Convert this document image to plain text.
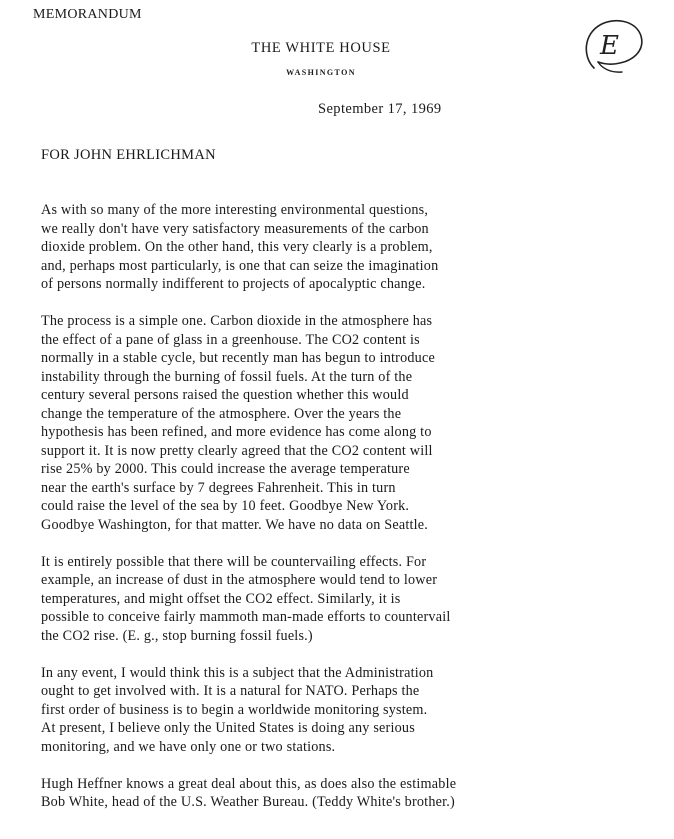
MEMORANDUM
THE WHITE HOUSE
WASHINGTON
E
September 17, 1969
FOR JOHN EHRLICHMAN
As with so many of the more interesting environmental questions,
we really don't have very satisfactory measurements of the carbon
dioxide problem. On the other hand, this very clearly is a problem,
and, perhaps most particularly, is one that can seize the imagination
of persons normally indifferent to projects of apocalyptic change.
The process is a simple one. Carbon dioxide in the atmosphere has
the effect of a pane of glass in a greenhouse. The CO2 content is
normally in a stable cycle, but recently man has begun to introduce
instability through the burning of fossil fuels. At the turn of the
century several persons raised the question whether this would
change the temperature of the atmosphere. Over the years the
hypothesis has been refined, and more evidence has come along to
support it. It is now pretty clearly agreed that the CO2 content will
rise 25% by 2000. This could increase the average temperature
near the earth's surface by 7 degrees Fahrenheit. This in turn
could raise the level of the sea by 10 feet. Goodbye New York.
Goodbye Washington, for that matter. We have no data on Seattle.
It is entirely possible that there will be countervailing effects. For
example, an increase of dust in the atmosphere would tend to lower
temperatures, and might offset the CO2 effect. Similarly, it is
possible to conceive fairly mammoth man-made efforts to countervail
the CO2 rise. (E. g., stop burning fossil fuels.)
In any event, I would think this is a subject that the Administration
ought to get involved with. It is a natural for NATO. Perhaps the
first order of business is to begin a worldwide monitoring system.
At present, I believe only the United States is doing any serious
monitoring, and we have only one or two stations.
Hugh Heffner knows a great deal about this, as does also the estimable
Bob White, head of the U.S. Weather Bureau. (Teddy White's brother.)
